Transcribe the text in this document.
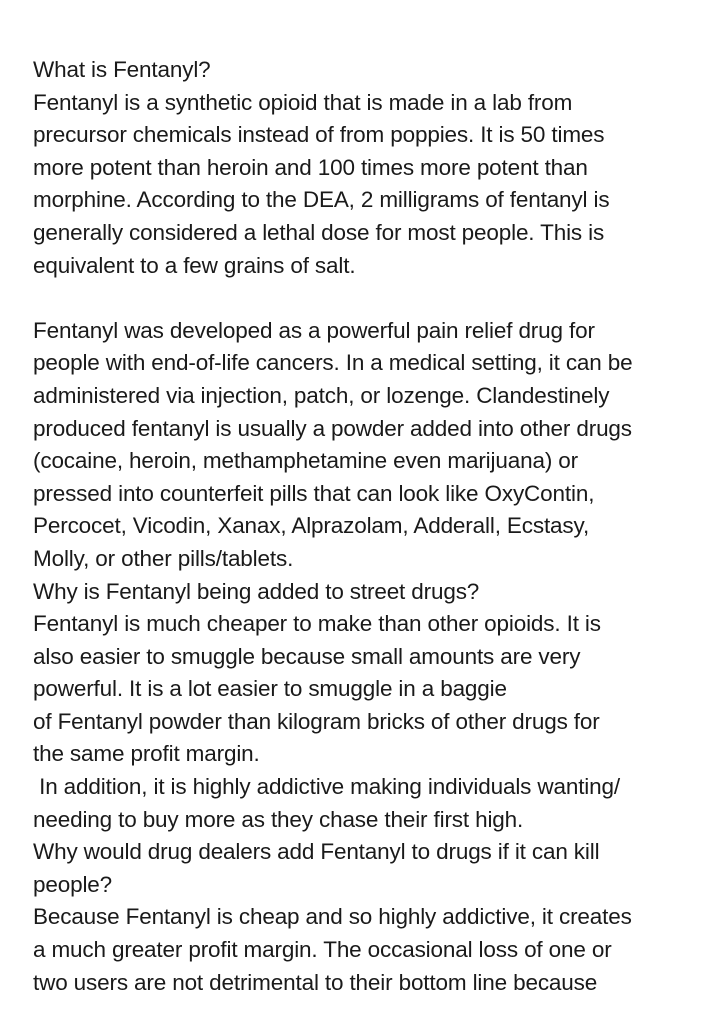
What is Fentanyl?
Fentanyl is a synthetic opioid that is made in a lab from
precursor chemicals instead of from poppies. It is 50 times
more potent than heroin and 100 times more potent than
morphine. According to the DEA, 2 milligrams of fentanyl is
generally considered a lethal dose for most people. This is
equivalent to a few grains of salt.
Fentanyl was developed as a powerful pain relief drug for
people with end-of-life cancers. In a medical setting, it can be
administered via injection, patch, or lozenge. Clandestinely
produced fentanyl is usually a powder added into other drugs
(cocaine, heroin, methamphetamine even marijuana) or
pressed into counterfeit pills that can look like OxyContin,
Percocet, Vicodin, Xanax, Alprazolam, Adderall, Ecstasy,
Molly, or other pills/tablets.
Why is Fentanyl being added to street drugs?
Fentanyl is much cheaper to make than other opioids. It is
also easier to smuggle because small amounts are very
powerful. It is a lot easier to smuggle in a baggie
of Fentanyl powder than kilogram bricks of other drugs for
the same profit margin.
In addition, it is highly addictive making individuals wanting/
needing to buy more as they chase their first high.
Why would drug dealers add Fentanyl to drugs if it can kill
people?
Because Fentanyl is cheap and so highly addictive, it creates
a much greater profit margin. The occasional loss of one or
two users are not detrimental to their bottom line because
